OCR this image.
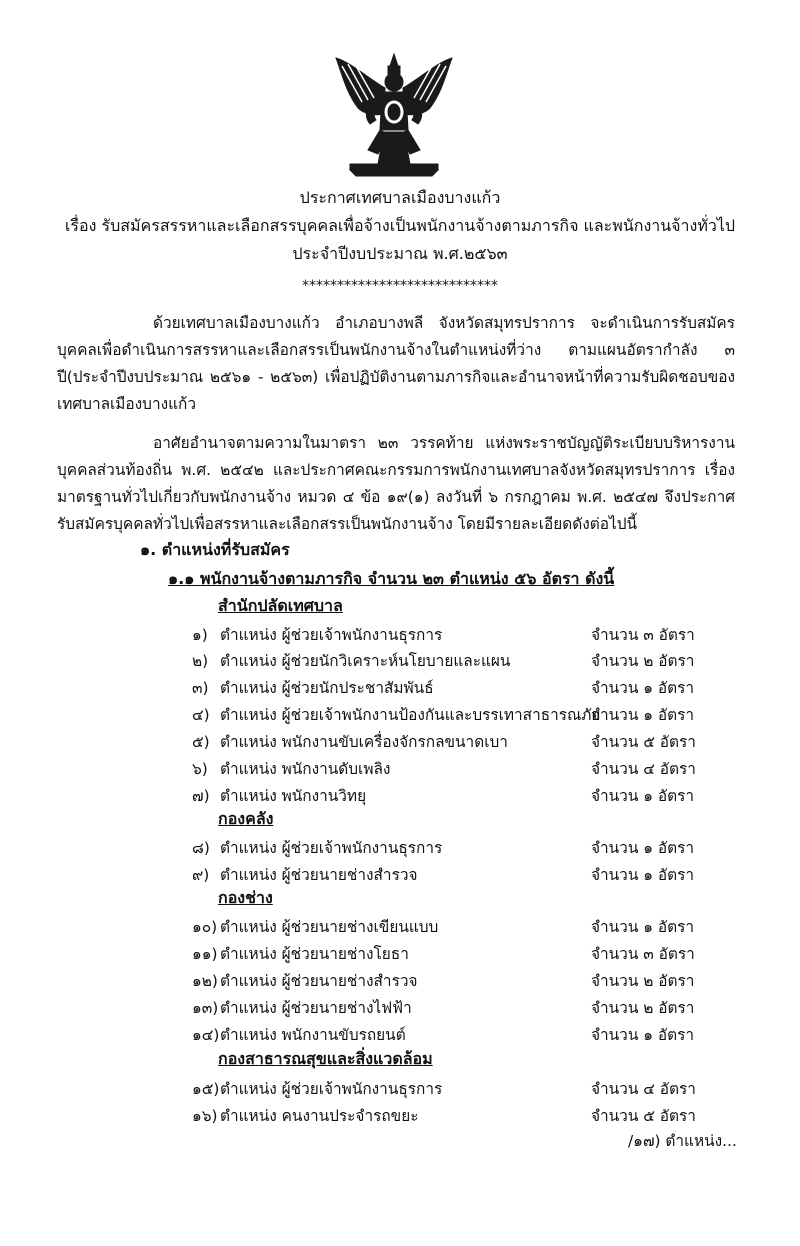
ประกาศเทศบาลเมืองบางแก้ว
เรื่อง รับสมัครสรรหาและเลือกสรรบุคคลเพื่อจ้างเป็นพนักงานจ้างตามภารกิจ และพนักงานจ้างทั่วไป
ประจำปีงบประมาณ พ.ศ.๒๕๖๓
****************************
ด้วยเทศบาลเมืองบางแก้ว อำเภอบางพลี จังหวัดสมุทรปราการ จะดำเนินการรับสมัครบุคคลเพื่อดำเนินการสรรหาและเลือกสรรเป็นพนักงานจ้างในตำแหน่งที่ว่าง ตามแผนอัตรากำลัง ๓ ปี(ประจำปีงบประมาณ ๒๕๖๑ - ๒๕๖๓) เพื่อปฏิบัติงานตามภารกิจและอำนาจหน้าที่ความรับผิดชอบของเทศบาลเมืองบางแก้ว
อาศัยอำนาจตามความในมาตรา ๒๓ วรรคท้าย แห่งพระราชบัญญัติระเบียบบริหารงานบุคคลส่วนท้องถิ่น พ.ศ. ๒๕๔๒ และประกาศคณะกรรมการพนักงานเทศบาลจังหวัดสมุทรปราการ เรื่อง มาตรฐานทั่วไปเกี่ยวกับพนักงานจ้าง หมวด ๔ ข้อ ๑๙(๑) ลงวันที่ ๖ กรกฎาคม พ.ศ. ๒๕๔๗ จึงประกาศรับสมัครบุคคลทั่วไปเพื่อสรรหาและเลือกสรรเป็นพนักงานจ้าง โดยมีรายละเอียดดังต่อไปนี้
๑. ตำแหน่งที่รับสมัคร
๑.๑ พนักงานจ้างตามภารกิจ จำนวน ๒๓ ตำแหน่ง ๕๖ อัตรา ดังนี้
สำนักปลัดเทศบาล
๑) ตำแหน่ง ผู้ช่วยเจ้าพนักงานธุรการ	จำนวน ๓ อัตรา
๒) ตำแหน่ง ผู้ช่วยนักวิเคราะห์นโยบายและแผน	จำนวน ๒ อัตรา
๓) ตำแหน่ง ผู้ช่วยนักประชาสัมพันธ์	จำนวน ๑ อัตรา
๔) ตำแหน่ง ผู้ช่วยเจ้าพนักงานป้องกันและบรรเทาสาธารณภัย
จำนวน ๑ อัตรา
๕) ตำแหน่ง พนักงานขับเครื่องจักรกลขนาดเบา	จำนวน ๕ อัตรา
๖) ตำแหน่ง พนักงานดับเพลิง	จำนวน ๔ อัตรา
๗) ตำแหน่ง พนักงานวิทยุ	จำนวน ๑ อัตรา
กองคลัง
๘) ตำแหน่ง ผู้ช่วยเจ้าพนักงานธุรการ	จำนวน ๑ อัตรา
๙) ตำแหน่ง ผู้ช่วยนายช่างสำรวจ	จำนวน ๑ อัตรา
กองช่าง
๑๐) ตำแหน่ง ผู้ช่วยนายช่างเขียนแบบ	จำนวน ๑ อัตรา
๑๑) ตำแหน่ง ผู้ช่วยนายช่างโยธา	จำนวน ๓ อัตรา
๑๒) ตำแหน่ง ผู้ช่วยนายช่างสำรวจ	จำนวน ๒ อัตรา
๑๓) ตำแหน่ง ผู้ช่วยนายช่างไฟฟ้า	จำนวน ๒ อัตรา
๑๔) ตำแหน่ง พนักงานขับรถยนต์	จำนวน ๑ อัตรา
กองสาธารณสุขและสิ่งแวดล้อม
๑๕) ตำแหน่ง ผู้ช่วยเจ้าพนักงานธุรการ	จำนวน ๔ อัตรา
๑๖) ตำแหน่ง คนงานประจำรถขยะ	จำนวน ๕ อัตรา
/๑๗) ตำแหน่ง...
